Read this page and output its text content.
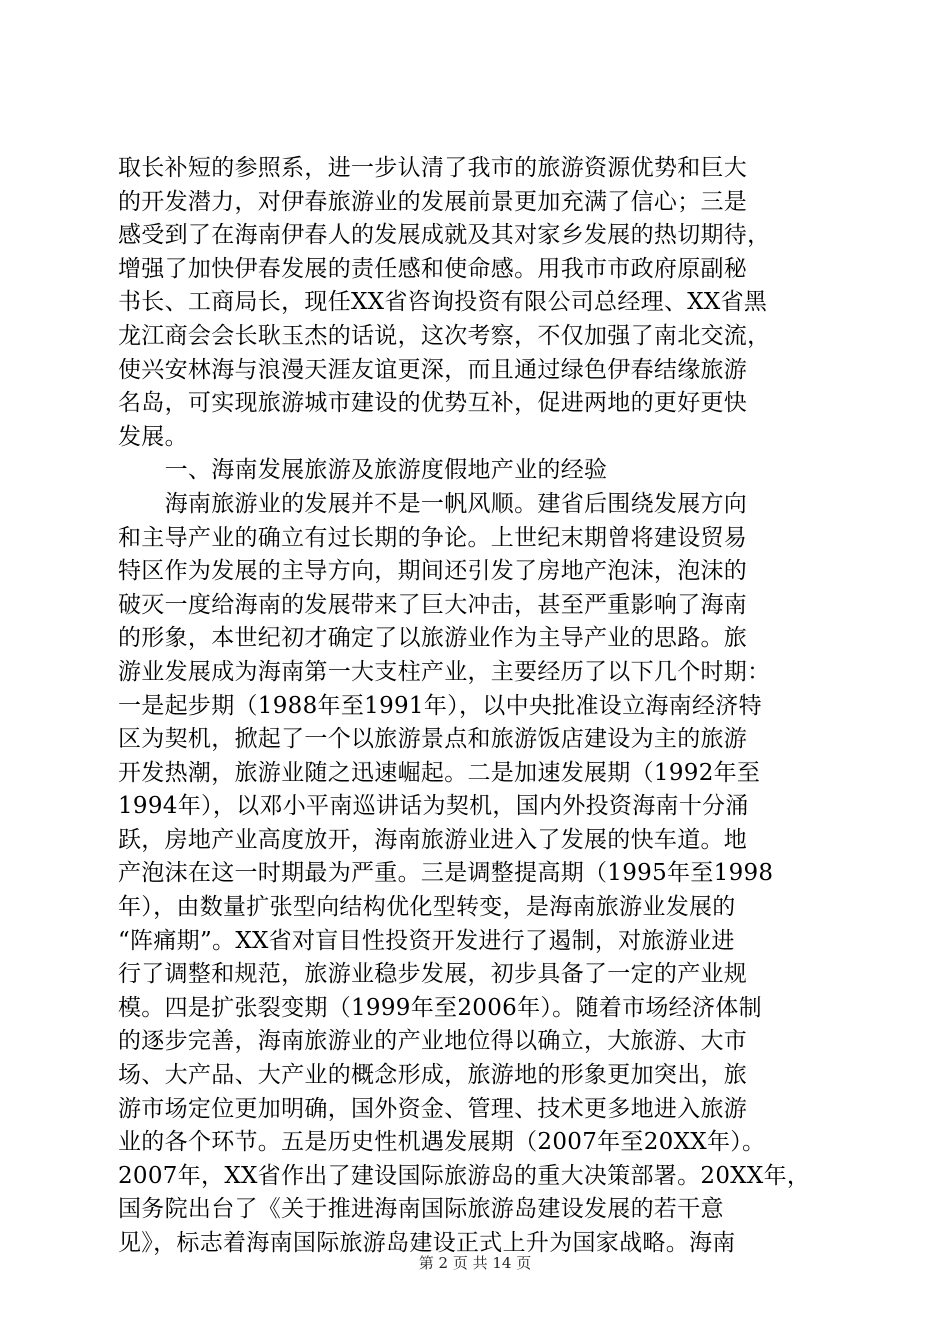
取长补短的参照系，进一步认清了我市的旅游资源优势和巨大
的开发潜力，对伊春旅游业的发展前景更加充满了信心；三是
感受到了在海南伊春人的发展成就及其对家乡发展的热切期待，
增强了加快伊春发展的责任感和使命感。用我市市政府原副秘
书长、工商局长，现任XX省咨询投资有限公司总经理、XX省黑
龙江商会会长耿玉杰的话说，这次考察，不仅加强了南北交流，
使兴安林海与浪漫天涯友谊更深，而且通过绿色伊春结缘旅游
名岛，可实现旅游城市建设的优势互补，促进两地的更好更快
发展。
　　一、海南发展旅游及旅游度假地产业的经验
　　海南旅游业的发展并不是一帆风顺。建省后围绕发展方向
和主导产业的确立有过长期的争论。上世纪末期曾将建设贸易
特区作为发展的主导方向，期间还引发了房地产泡沫，泡沫的
破灭一度给海南的发展带来了巨大冲击，甚至严重影响了海南
的形象，本世纪初才确定了以旅游业作为主导产业的思路。旅
游业发展成为海南第一大支柱产业，主要经历了以下几个时期：
一是起步期（1988年至1991年），以中央批准设立海南经济特
区为契机，掀起了一个以旅游景点和旅游饭店建设为主的旅游
开发热潮，旅游业随之迅速崛起。二是加速发展期（1992年至
1994年），以邓小平南巡讲话为契机，国内外投资海南十分涌
跃，房地产业高度放开，海南旅游业进入了发展的快车道。地
产泡沫在这一时期最为严重。三是调整提高期（1995年至1998
年），由数量扩张型向结构优化型转变，是海南旅游业发展的
“阵痛期”。XX省对盲目性投资开发进行了遏制，对旅游业进
行了调整和规范，旅游业稳步发展，初步具备了一定的产业规
模。四是扩张裂变期（1999年至2006年）。随着市场经济体制
的逐步完善，海南旅游业的产业地位得以确立，大旅游、大市
场、大产品、大产业的概念形成，旅游地的形象更加突出，旅
游市场定位更加明确，国外资金、管理、技术更多地进入旅游
业的各个环节。五是历史性机遇发展期（2007年至20XX年）。
2007年，XX省作出了建设国际旅游岛的重大决策部署。20XX年，
国务院出台了《关于推进海南国际旅游岛建设发展的若干意
见》，标志着海南国际旅游岛建设正式上升为国家战略。海南
第 2 页 共 14 页
